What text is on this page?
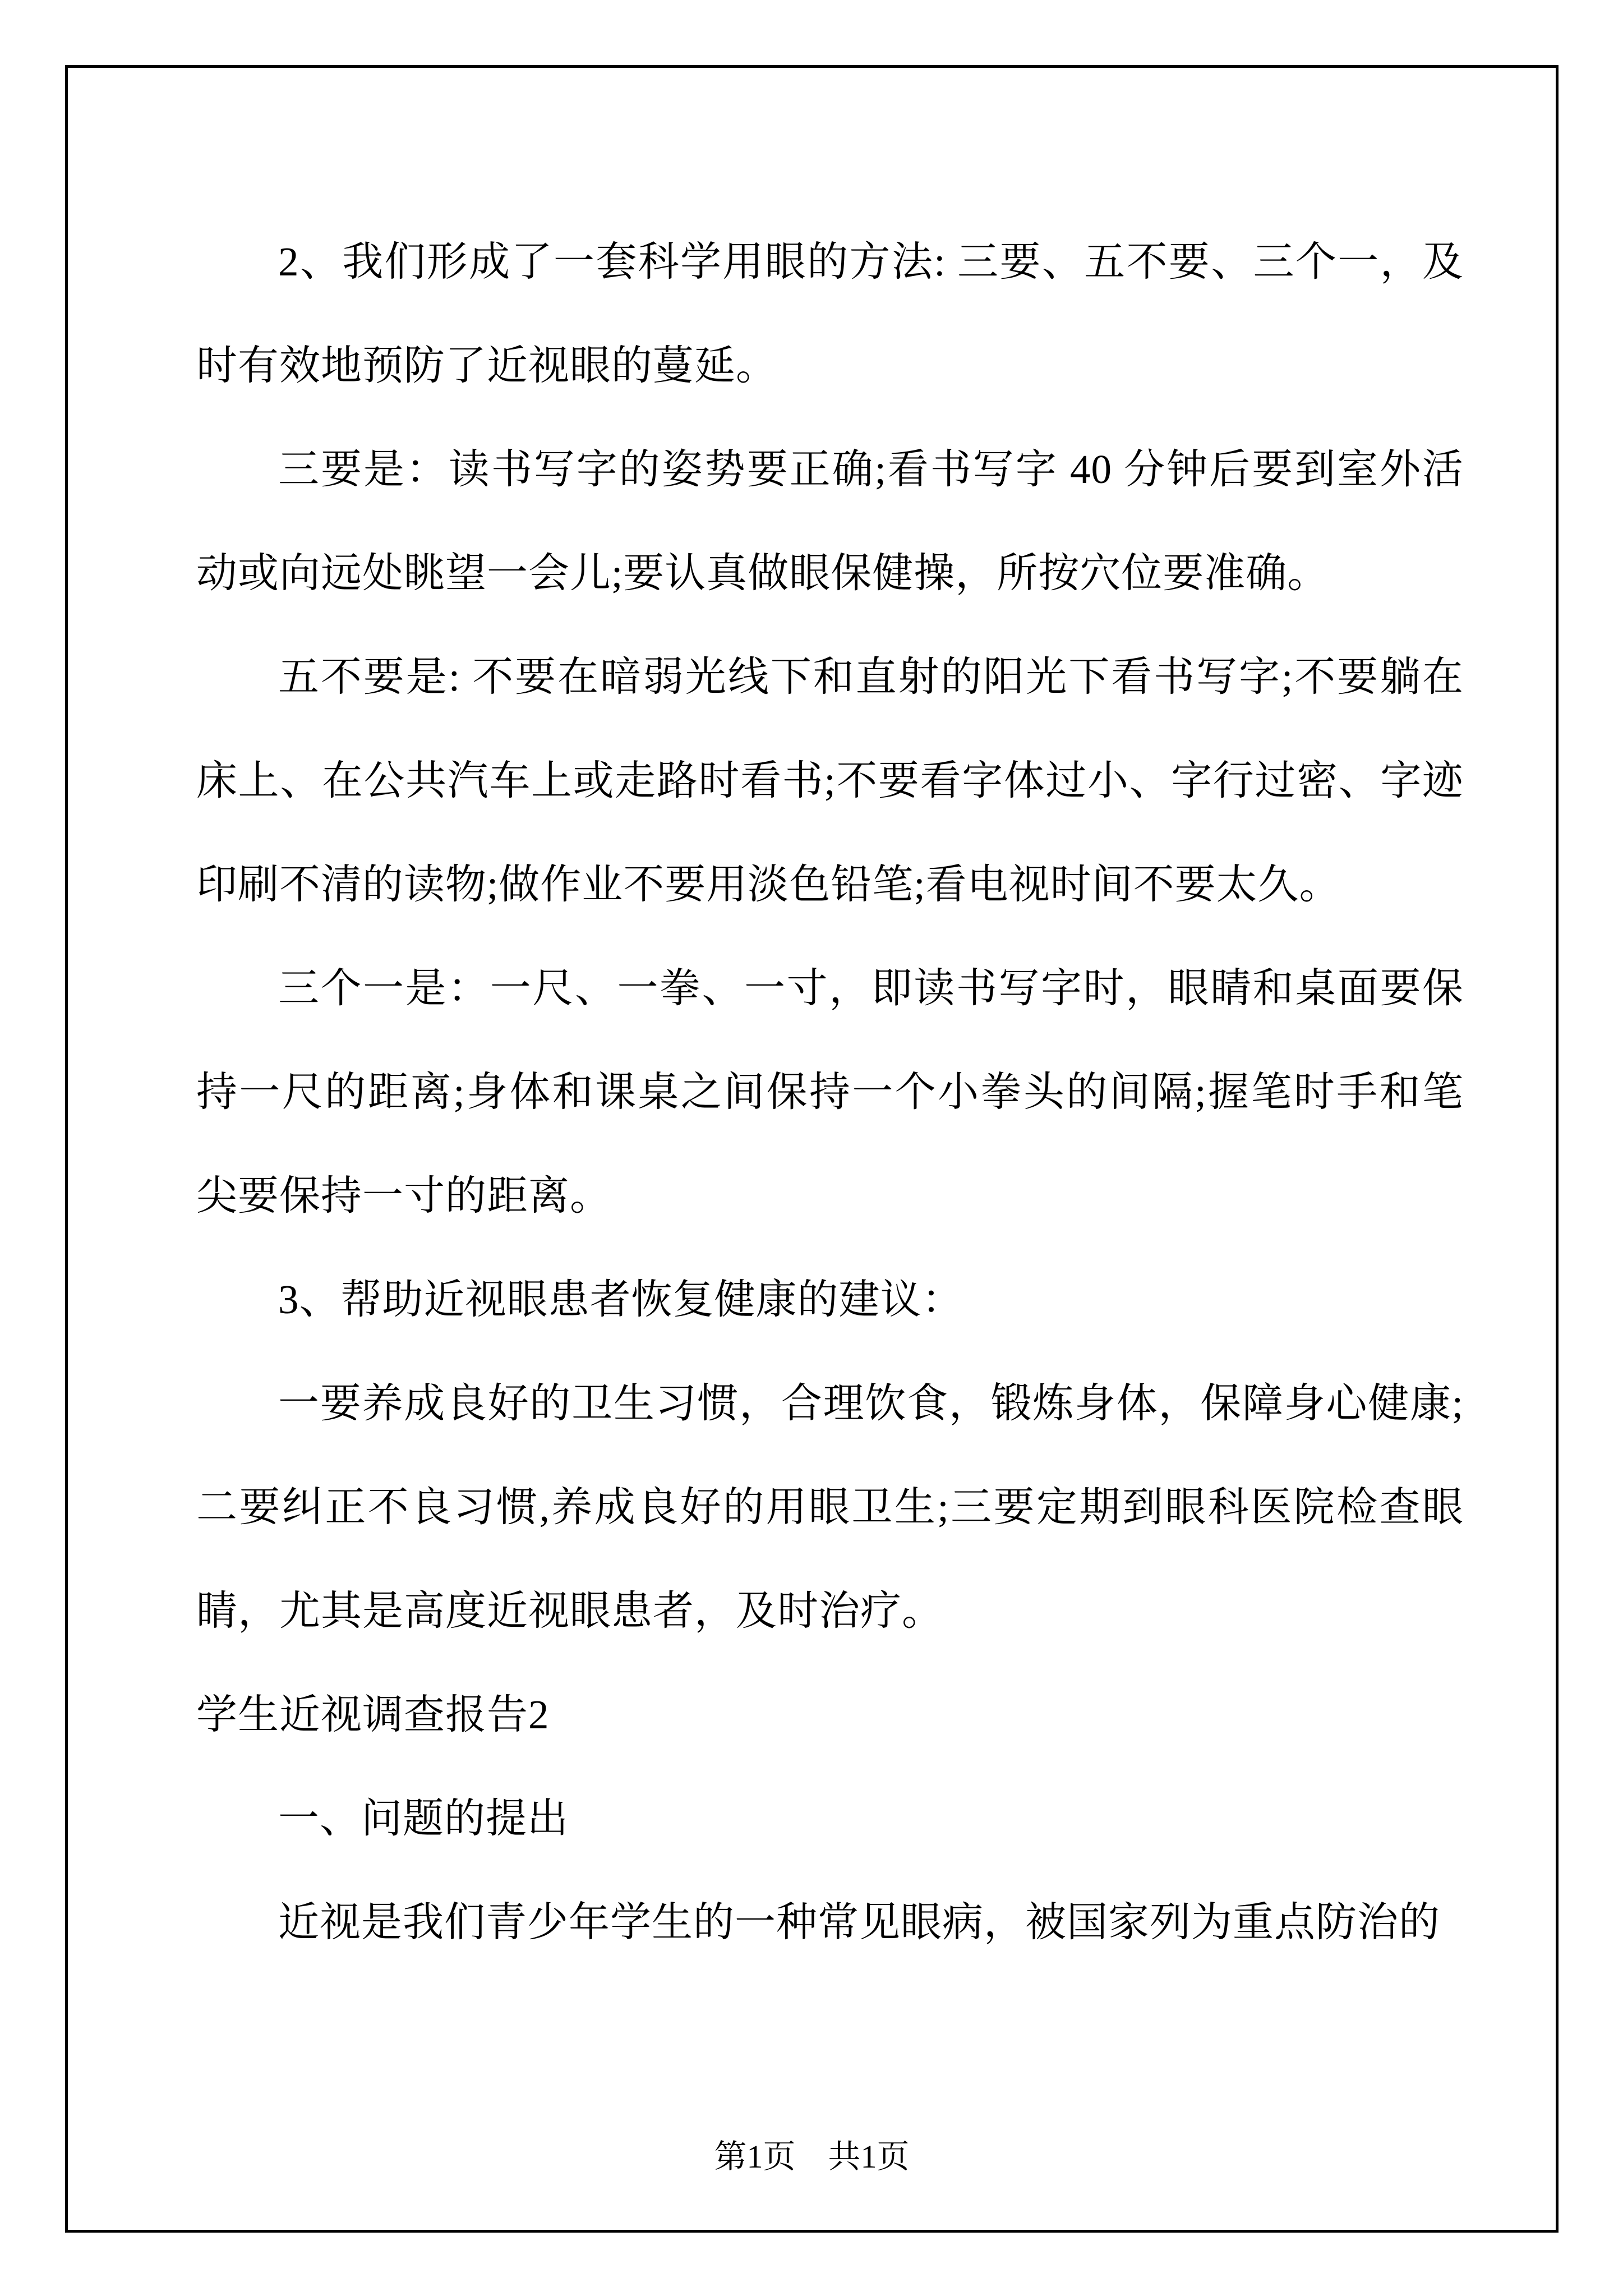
2、我们形成了一套科学用眼的方法: 三要、五不要、三个一，及时有效地预防了近视眼的蔓延。

三要是：读书写字的姿势要正确;看书写字 40 分钟后要到室外活动或向远处眺望一会儿;要认真做眼保健操，所按穴位要准确。

五不要是: 不要在暗弱光线下和直射的阳光下看书写字;不要躺在床上、在公共汽车上或走路时看书;不要看字体过小、字行过密、字迹印刷不清的读物;做作业不要用淡色铅笔;看电视时间不要太久。

三个一是：一尺、一拳、一寸，即读书写字时，眼睛和桌面要保持一尺的距离;身体和课桌之间保持一个小拳头的间隔;握笔时手和笔尖要保持一寸的距离。

3、帮助近视眼患者恢复健康的建议：

一要养成良好的卫生习惯，合理饮食，锻炼身体，保障身心健康;二要纠正不良习惯,养成良好的用眼卫生;三要定期到眼科医院检查眼睛，尤其是高度近视眼患者，及时治疗。

学生近视调查报告2

一、问题的提出

近视是我们青少年学生的一种常见眼病，被国家列为重点防治的

第1页　共1页
